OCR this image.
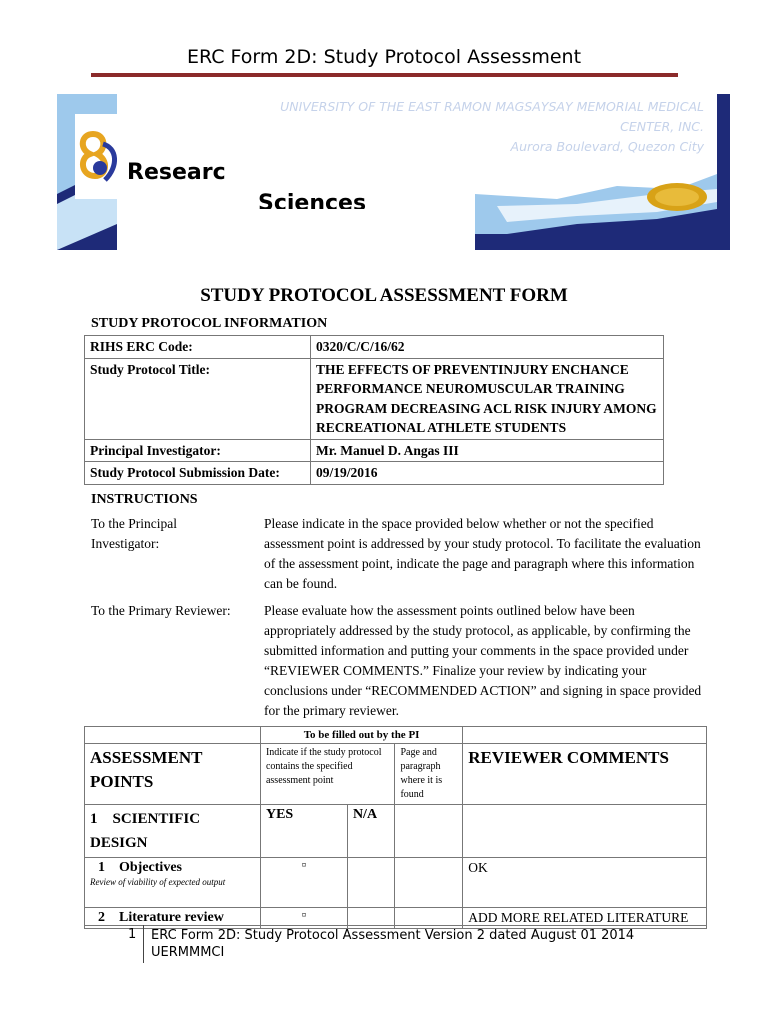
ERC Form 2D: Study Protocol Assessment
UNIVERSITY OF THE EAST RAMON MAGSAYSAY MEMORIAL MEDICAL
CENTER, INC.
Aurora Boulevard, Quezon City
Researc
Sciences
STUDY PROTOCOL ASSESSMENT FORM
STUDY PROTOCOL INFORMATION
RIHS ERC Code:	0320/C/C/16/62
Study Protocol Title:	THE EFFECTS OF PREVENTINJURY ENCHANCE PERFORMANCE NEUROMUSCULAR TRAINING PROGRAM DECREASING ACL RISK INJURY AMONG RECREATIONAL ATHLETE STUDENTS
Principal Investigator:	Mr. Manuel D. Angas III
Study Protocol Submission Date:	09/19/2016
INSTRUCTIONS
To the Principal Investigator:
Please indicate in the space provided below whether or not the specified assessment point is addressed by your study protocol. To facilitate the evaluation of the assessment point, indicate the page and paragraph where this information can be found.
To the Primary Reviewer:	Please evaluate how the assessment points outlined below have been appropriately addressed by the study protocol, as applicable, by confirming the submitted information and putting your comments in the space provided under “REVIEWER COMMENTS.” Finalize your review by indicating your conclusions under “RECOMMENDED ACTION” and signing in space provided for the primary reviewer.
	To be filled out by the PI			
ASSESSMENT POINTS	Indicate if the study protocol contains the specified assessment point		Page and paragraph where it is found	REVIEWER COMMENTS
1 SCIENTIFIC DESIGN	YES	N/A		

1 Objectives
Review of viability of expected output	¤			OK
2 Literature review	¤			ADD MORE RELATED LITERATURE
1 ERC Form 2D: Study Protocol Assessment Version 2 dated August 01 2014 UERMMMCI
